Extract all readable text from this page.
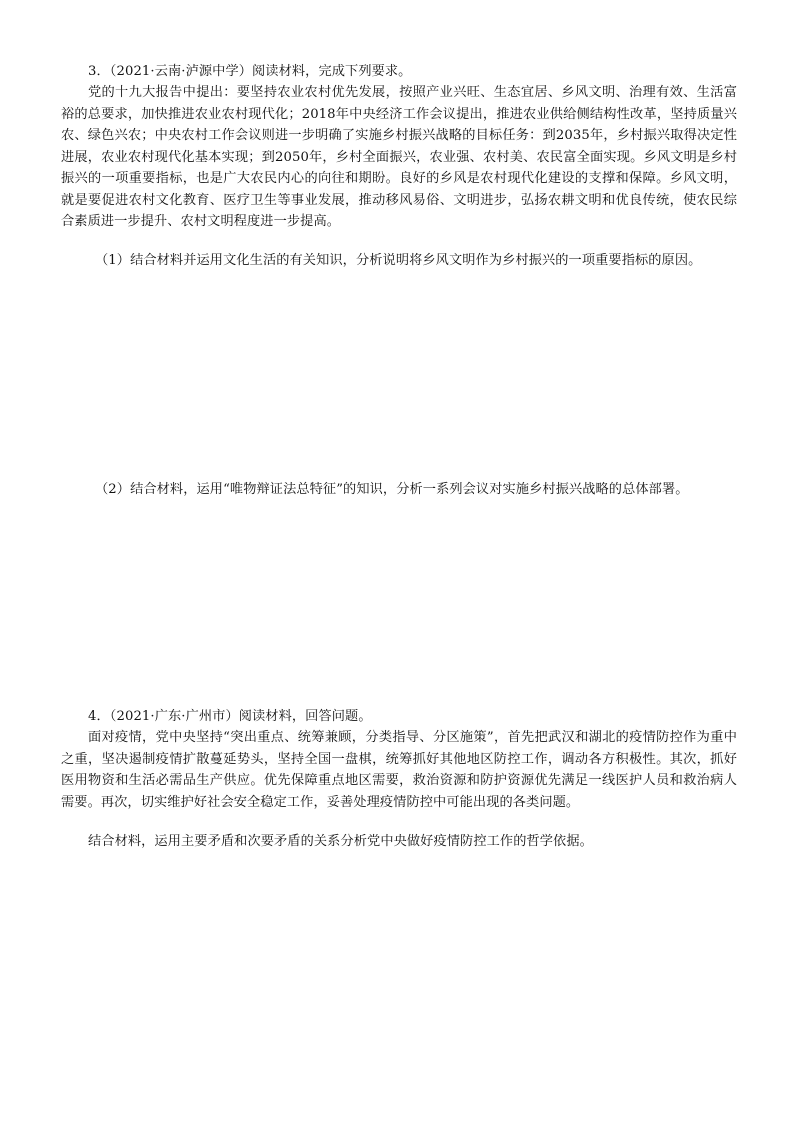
3．（2021·云南·泸源中学）阅读材料，完成下列要求。

党的十九大报告中提出：要坚持农业农村优先发展，按照产业兴旺、生态宜居、乡风文明、治理有效、生活富裕的总要求，加快推进农业农村现代化；2018年中央经济工作会议提出，推进农业供给侧结构性改革，坚持质量兴农、绿色兴农；中央农村工作会议则进一步明确了实施乡村振兴战略的目标任务：到2035年，乡村振兴取得决定性进展，农业农村现代化基本实现；到2050年，乡村全面振兴，农业强、农村美、农民富全面实现。乡风文明是乡村振兴的一项重要指标，也是广大农民内心的向往和期盼。良好的乡风是农村现代化建设的支撑和保障。乡风文明，就是要促进农村文化教育、医疗卫生等事业发展，推动移风易俗、文明进步，弘扬农耕文明和优良传统，使农民综合素质进一步提升、农村文明程度进一步提高。

（1）结合材料并运用文化生活的有关知识，分析说明将乡风文明作为乡村振兴的一项重要指标的原因。

（2）结合材料，运用“唯物辩证法总特征”的知识，分析一系列会议对实施乡村振兴战略的总体部署。

4．（2021·广东·广州市）阅读材料，回答问题。

面对疫情，党中央坚持“突出重点、统筹兼顾，分类指导、分区施策”，首先把武汉和湖北的疫情防控作为重中之重，坚决遏制疫情扩散蔓延势头，坚持全国一盘棋，统筹抓好其他地区防控工作，调动各方积极性。其次，抓好医用物资和生活必需品生产供应。优先保障重点地区需要，救治资源和防护资源优先满足一线医护人员和救治病人需要。再次，切实维护好社会安全稳定工作，妥善处理疫情防控中可能出现的各类问题。

结合材料，运用主要矛盾和次要矛盾的关系分析党中央做好疫情防控工作的哲学依据。
